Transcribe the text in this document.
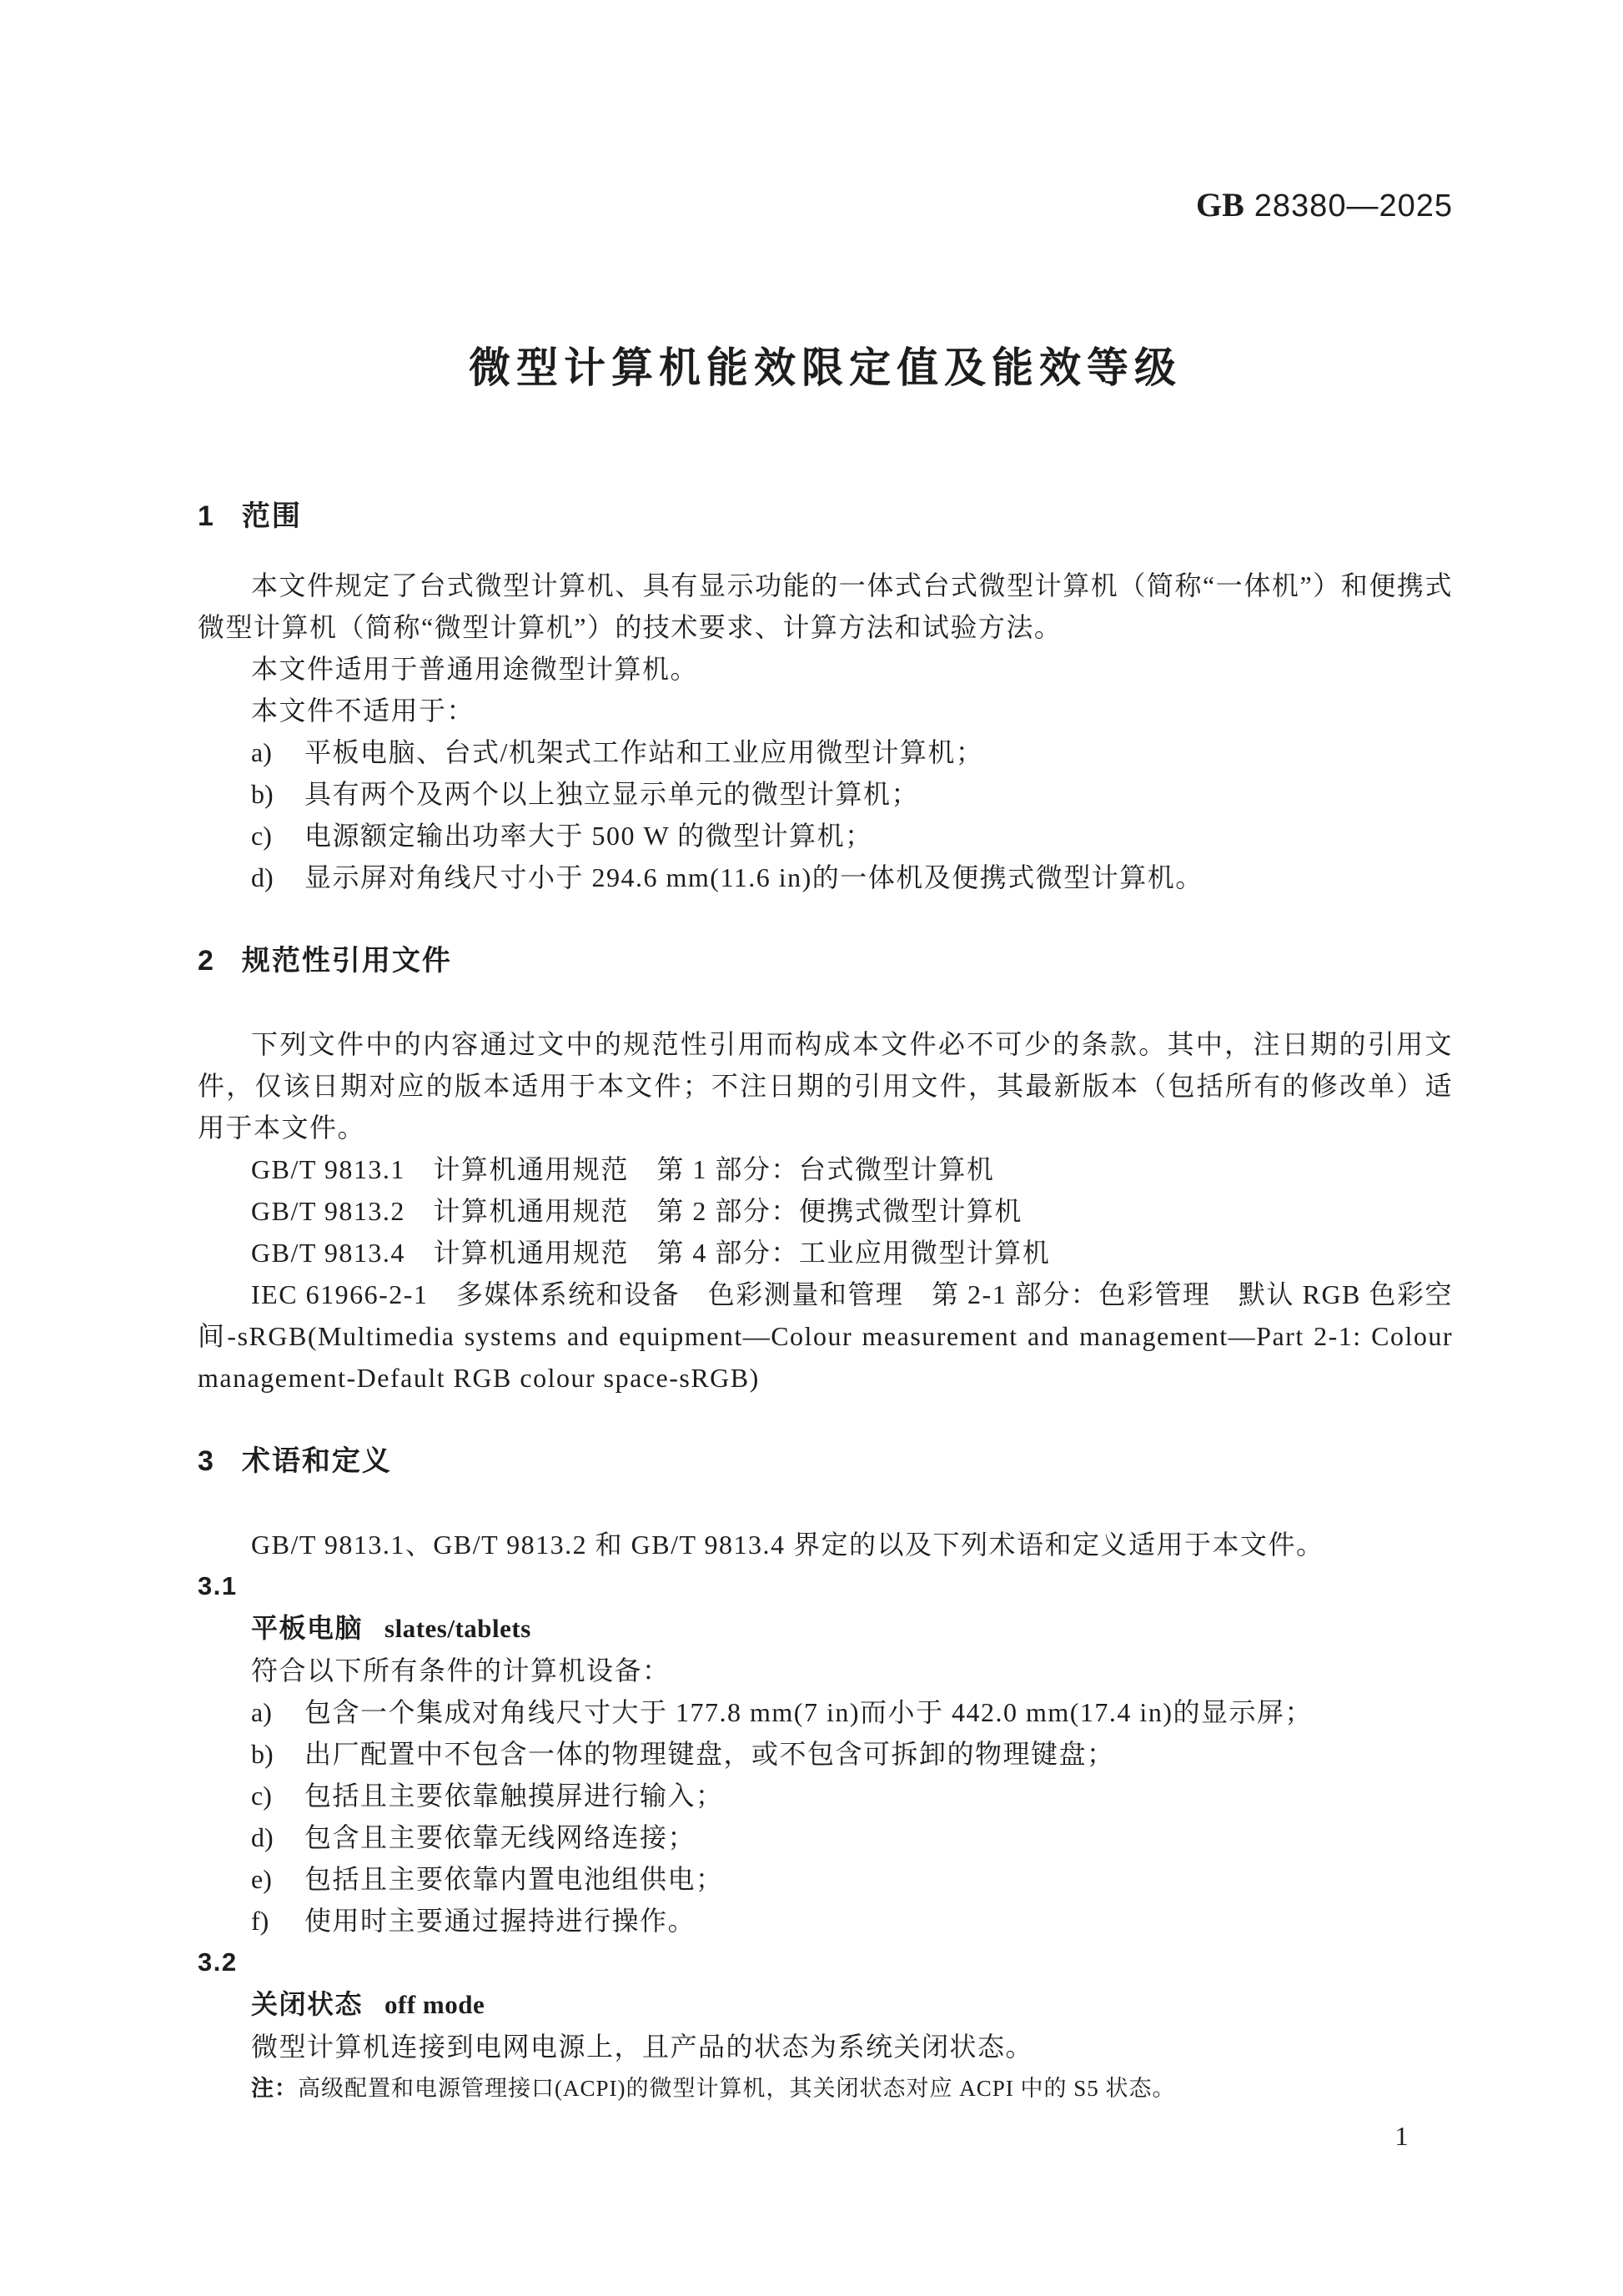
GB 28380—2025
微型计算机能效限定值及能效等级
1 范围

本文件规定了台式微型计算机、具有显示功能的一体式台式微型计算机（简称“一体机”）和便携式微型计算机（简称“微型计算机”）的技术要求、计算方法和试验方法。

本文件适用于普通用途微型计算机。

本文件不适用于：

a) 平板电脑、台式/机架式工作站和工业应用微型计算机；
b) 具有两个及两个以上独立显示单元的微型计算机；
c) 电源额定输出功率大于 500 W 的微型计算机；
d) 显示屏对角线尺寸小于 294.6 mm(11.6 in)的一体机及便携式微型计算机。
2 规范性引用文件

下列文件中的内容通过文中的规范性引用而构成本文件必不可少的条款。其中，注日期的引用文件，仅该日期对应的版本适用于本文件；不注日期的引用文件，其最新版本（包括所有的修改单）适用于本文件。

GB/T 9813.1　计算机通用规范　第 1 部分：台式微型计算机

GB/T 9813.2　计算机通用规范　第 2 部分：便携式微型计算机

GB/T 9813.4　计算机通用规范　第 4 部分：工业应用微型计算机

IEC 61966-2-1　多媒体系统和设备　色彩测量和管理　第 2-1 部分：色彩管理　默认 RGB 色彩空间-sRGB(Multimedia systems and equipment—Colour measurement and management—Part 2-1: Colour management-Default RGB colour space-sRGB)

3 术语和定义

GB/T 9813.1、GB/T 9813.2 和 GB/T 9813.4 界定的以及下列术语和定义适用于本文件。

3.1
平板电脑 slates/tablets

符合以下所有条件的计算机设备：

a) 包含一个集成对角线尺寸大于 177.8 mm(7 in)而小于 442.0 mm(17.4 in)的显示屏；
b) 出厂配置中不包含一体的物理键盘，或不包含可拆卸的物理键盘；
c) 包括且主要依靠触摸屏进行输入；
d) 包含且主要依靠无线网络连接；
e) 包括且主要依靠内置电池组供电；
f) 使用时主要通过握持进行操作。
3.2
关闭状态 off mode

微型计算机连接到电网电源上，且产品的状态为系统关闭状态。

注：高级配置和电源管理接口(ACPI)的微型计算机，其关闭状态对应 ACPI 中的 S5 状态。

1
